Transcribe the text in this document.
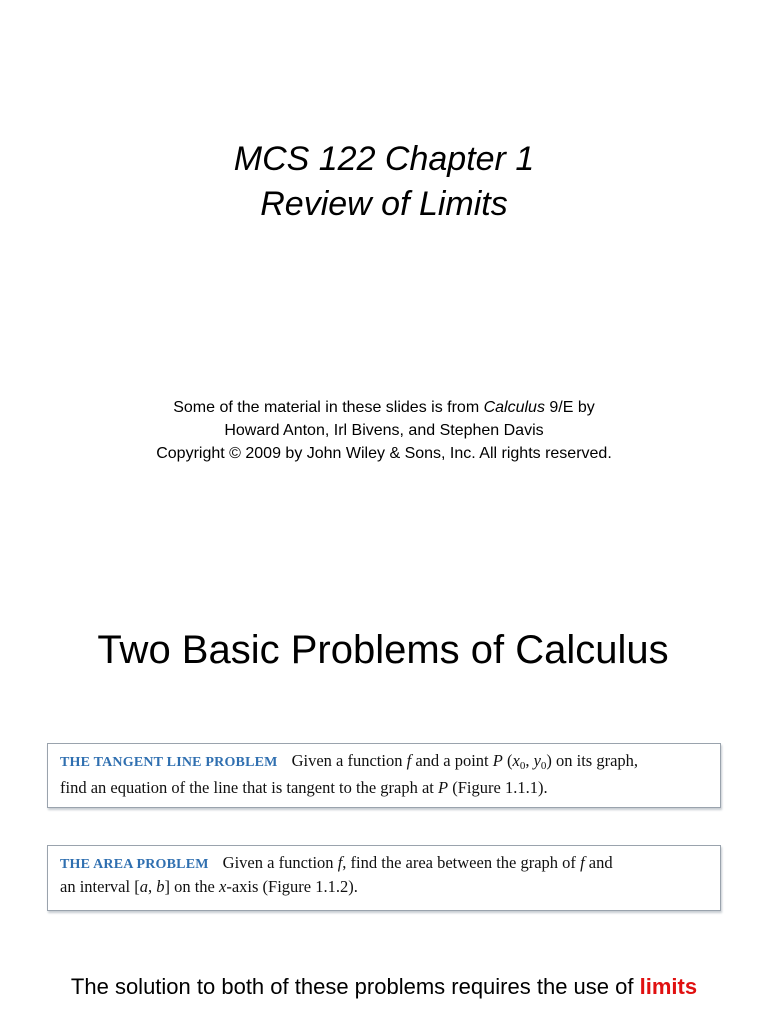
MCS 122 Chapter 1
Review of Limits
Some of the material in these slides is from Calculus 9/E by
Howard Anton, Irl Bivens, and Stephen Davis
Copyright © 2009 by John Wiley & Sons, Inc. All rights reserved.
Two Basic Problems of Calculus
THE TANGENT LINE PROBLEM Given a function f and a point P ($x_0$, $y_0$) on its graph,
find an equation of the line that is tangent to the graph at P (Figure 1.1.1).
THE AREA PROBLEM Given a function f, find the area between the graph of f and
an interval [a, b] on the x-axis (Figure 1.1.2).
The solution to both of these problems requires the use of limits
